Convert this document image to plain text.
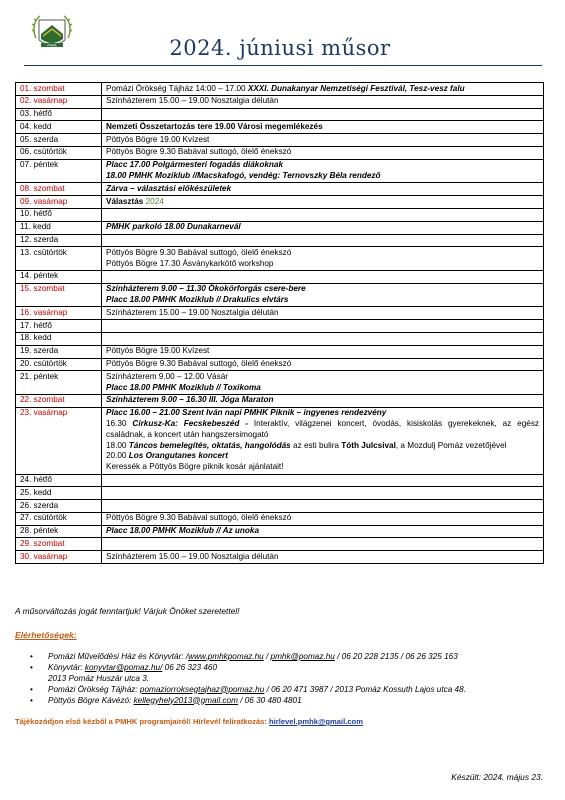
PMHK	2024. júniusi műsor
01. szombat	Pomázi Örökség Tájház 14:00 – 17.00 XXXI. Dunakanyar Nemzetiségi Fesztivál, Tesz-vesz falu

02. vasárnap	Színházterem 15.00 – 19.00 Nosztalgia délután

03. hétfő	
04. kedd	Nemzeti Összetartozás tere 19.00 Városi megemlékezés

05. szerda	Pöttyös Bögre 19.00 Kvízest

06. csütörtök	Pöttyös Bögre 9.30 Babával suttogó, ölelő énekszó

07. péntek	Placc 17.00 Polgármesteri fogadás diákoknak
18.00 PMHK Moziklub //Macskafogó, vendég: Ternovszky Béla rendező

08. szombat	Zárva – választási előkészületek

09. vasárnap	Választás 2024

10. hétfő	
11. kedd	PMHK parkoló 18.00 Dunakarnevál

12. szerda	
13. csütörtök	Pöttyös Bögre 9.30 Babával suttogó, ölelő énekszó
Pöttyös Bögre 17.30 Ásványkarkötő workshop

14. péntek	
15. szombat	Színházterem 9.00 – 11.30 Ökokörforgás csere-bere
Placc 18.00 PMHK Moziklub // Drakulics elvtárs

16. vasárnap	Színházterem 15.00 – 19.00 Nosztalgia délután

17. hétfő	
18. kedd	
19. szerda	Pöttyös Bögre 19.00 Kvízest

20. csütörtök	Pöttyös Bögre 9.30 Babával suttogó, ölelő énekszó

21. péntek	Színházterem 9.00 – 12.00 Vásár
Placc 18.00 PMHK Moziklub // Toxikoma

22. szombat	Színházterem 9.00 – 16.30 III. Jóga Maraton

23. vasárnap	Placc 16.00 – 21.00 Szent Iván napi PMHK Piknik – ingyenes rendezvény
16.30 Cirkusz-Ka: Fecskebeszéd - Interaktív, világzenei koncert, óvodás, kisiskolás gyerekeknek, az egész családnak, a koncert után hangszersimogató
18.00 Táncos bemelegítés, oktatás, hangolódás az esti bulira Tóth Julcsival, a Mozdulj Pomáz vezetőjével
20.00 Los Orangutanes koncert
Keressék a Pöttyös Bögre piknik kosár ajánlatait!

24. hétfő	
25. kedd	
26. szerda	
27. csütörtök	Pöttyös Bögre 9.30 Babával suttogó, ölelő énekszó

28. péntek	Placc 18.00 PMHK Moziklub // Az unoka

29. szombat	
30. vasárnap	Színházterem 15.00 – 19.00 Nosztalgia délután
A műsorváltozás jogát fenntartjuk! Várjuk Önöket szeretettel!
Elérhetőségek:
• Pomázi Művelődési Ház és Könyvtár: /www.pmhkpomaz.hu / pmhk@pomaz.hu / 06 20 228 2135 / 06 26 325 163
• Könyvtár: konyvtar@pomaz.hu/ 06 26 323 460
2013 Pomáz Huszár utca 3.
• Pomázi Örökség Tájház: pomaziorroksegtajhaz@pomaz.hu / 06 20 471 3987 / 2013 Pomáz Kossuth Lajos utca 48.
• Pöttyös Bögre Kávézó: kellegyhely2013@gmail.com / 06 30 480 4801
Tájékozódjon első kézből a PMHK programjairól! Hírlevél feliratkozás: hirlevel.pmhk@gmail.com
Készült: 2024. május 23.
